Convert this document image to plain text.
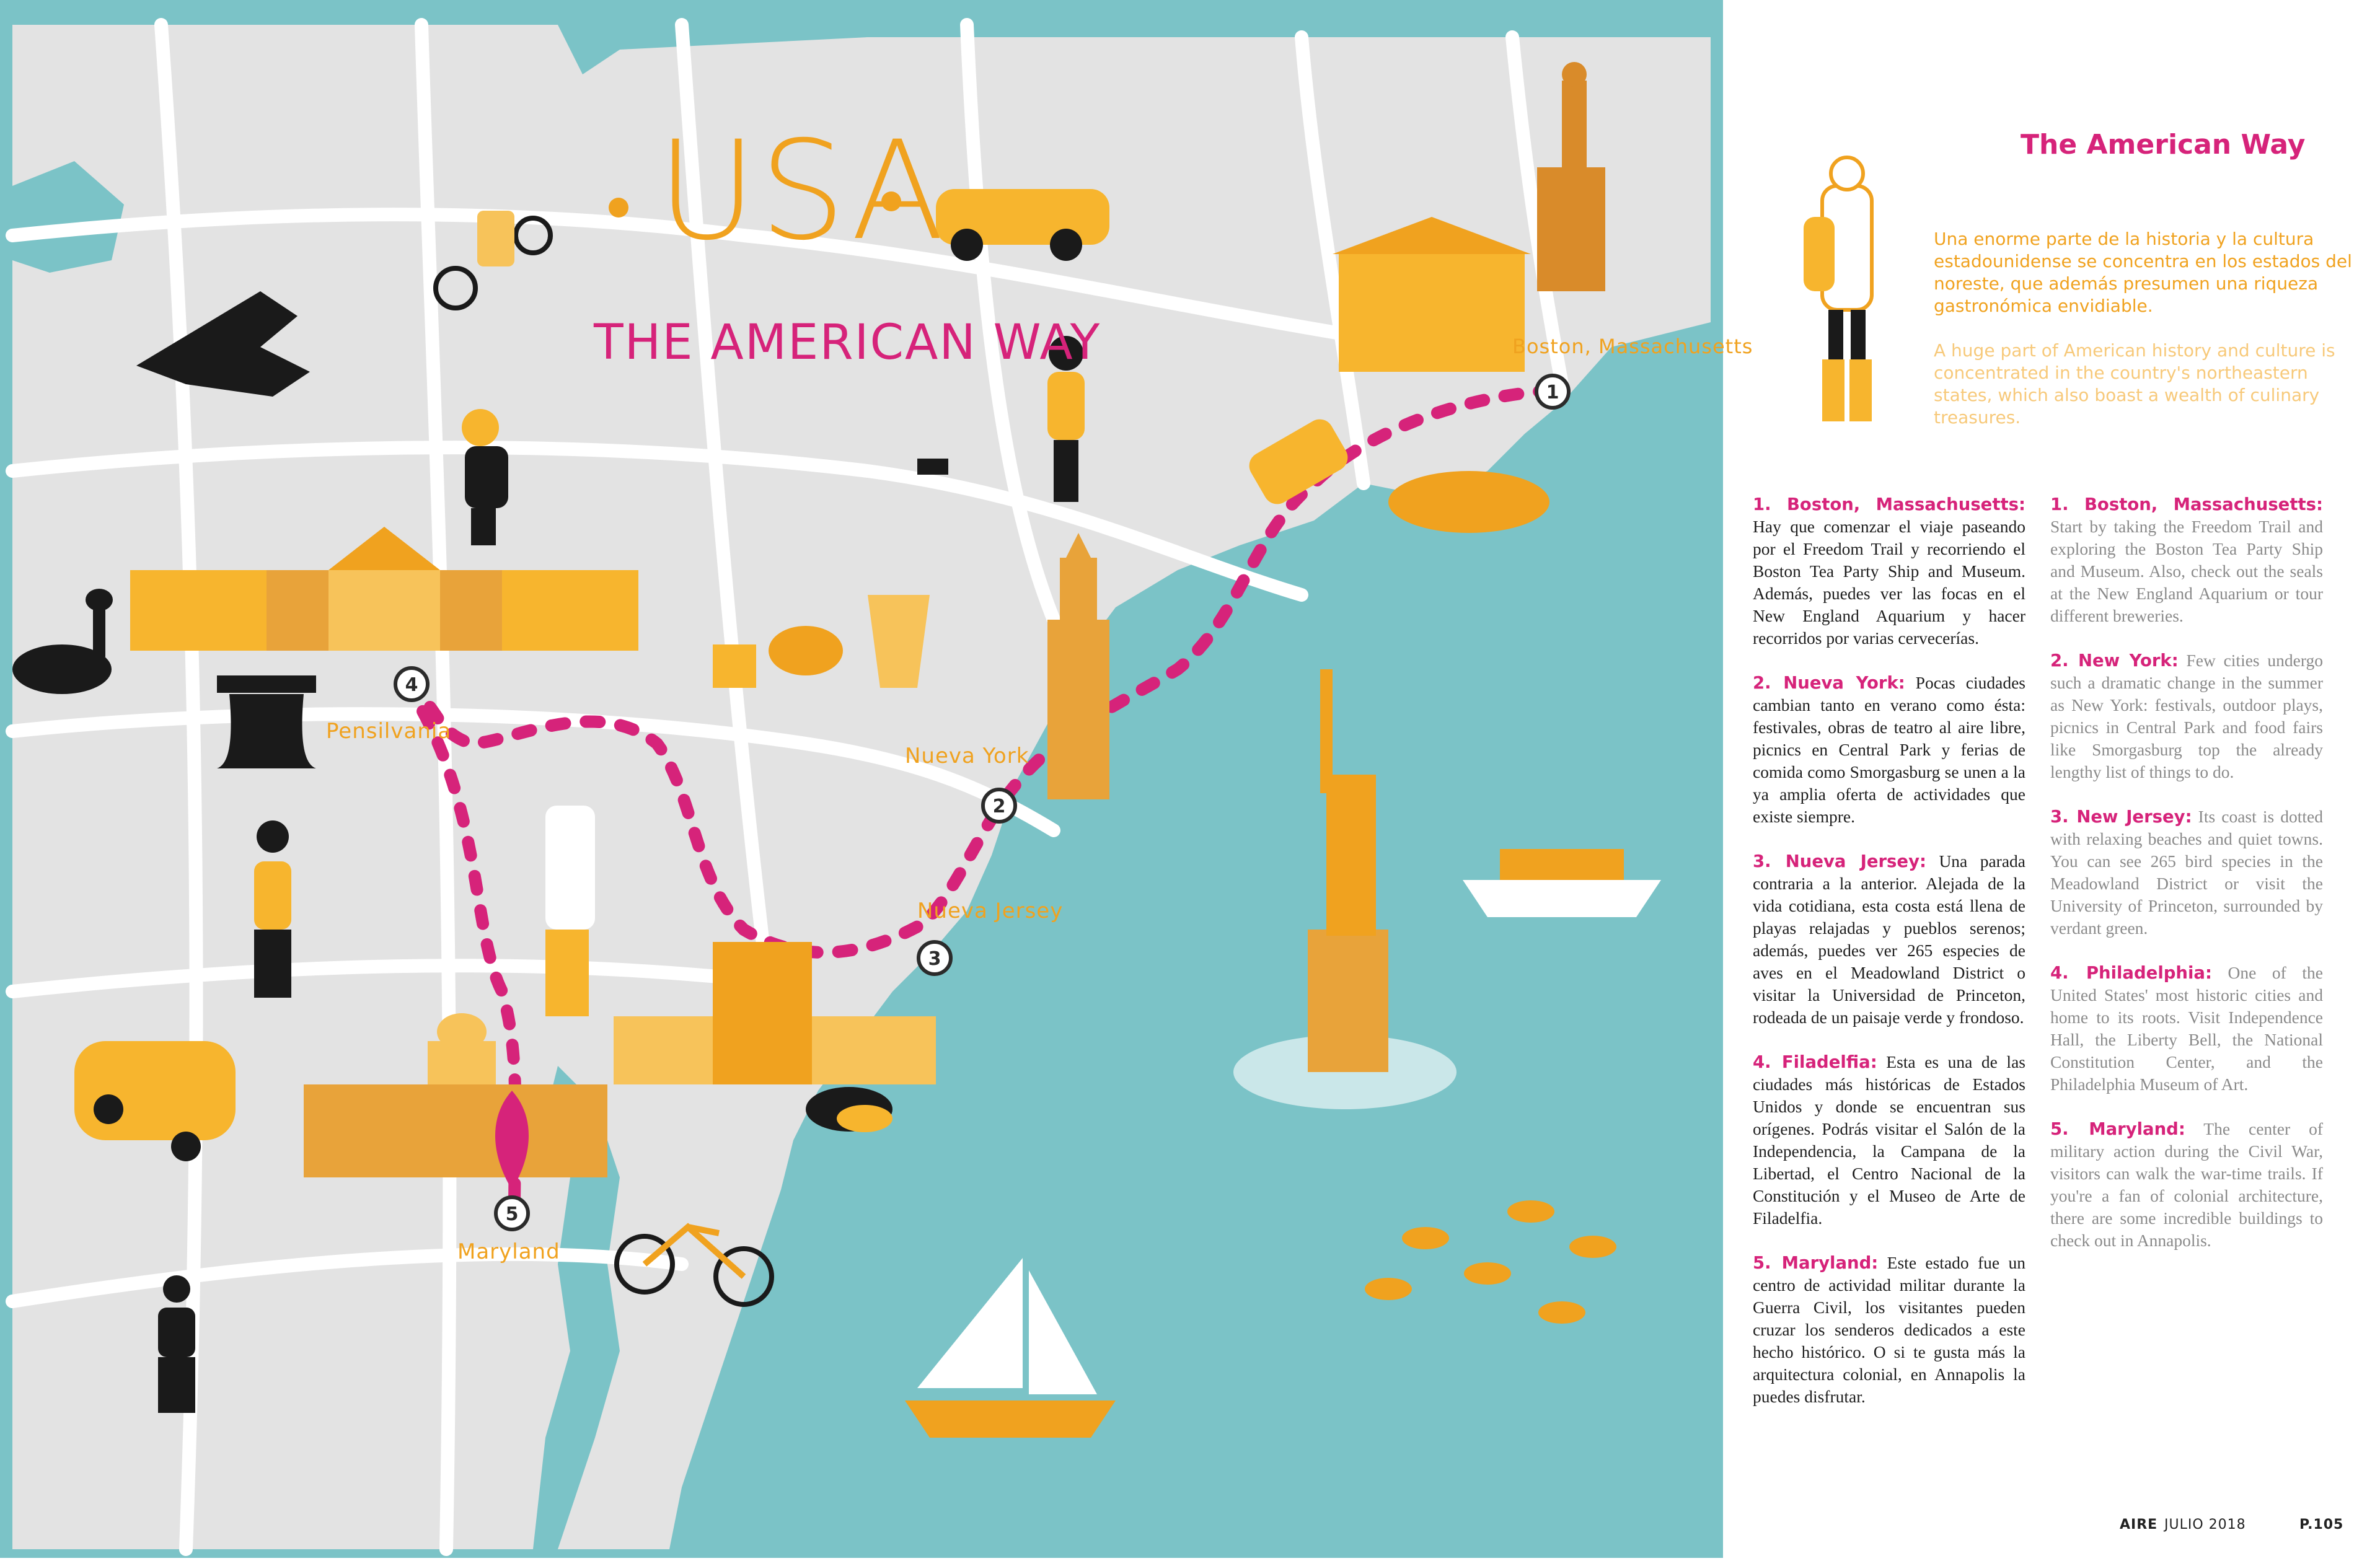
1
2
3
4
5
USA
THE AMERICAN WAY	Boston, Massachusetts
Nueva York
Nueva Jersey
Pensilvania
Maryland
The American Way
Una enorme parte de la historia y la cultura estadounidense se concentra en los estados del noreste, que además presumen una riqueza gastronómica envidiable.
A huge part of American history and culture is concentrated in the country's northeastern states, which also boast a wealth of culinary treasures.

1. Boston, Massachusetts: Hay que comenzar el viaje paseando por el Freedom Trail y recorriendo el Boston Tea Party Ship and Museum. Además, puedes ver las focas en el New England Aquarium y hacer recorridos por varias cervecerías.

2. Nueva York: Pocas ciudades cambian tanto en verano como ésta: festivales, obras de teatro al aire libre, picnics en Central Park y ferias de comida como Smorgasburg se unen a la ya amplia oferta de actividades que existe siempre.

3. Nueva Jersey: Una parada contraria a la anterior. Alejada de la vida cotidiana, esta costa está llena de playas relajadas y pueblos serenos; además, puedes ver 265 especies de aves en el Meadowland District o visitar la Universidad de Princeton, rodeada de un paisaje verde y frondoso.

4. Filadelfia: Esta es una de las ciudades más históricas de Estados Unidos y donde se encuentran sus orígenes. Podrás visitar el Salón de la Independencia, la Campana de la Libertad, el Centro Nacional de la Constitución y el Museo de Arte de Filadelfia.

5. Maryland: Este estado fue un centro de actividad militar durante la Guerra Civil, los visitantes pueden cruzar los senderos dedicados a este hecho histórico. O si te gusta más la arquitectura colonial, en Annapolis la puedes disfrutar.

1. Boston, Massachusetts: Start by taking the Freedom Trail and exploring the Boston Tea Party Ship and Museum. Also, check out the seals at the New England Aquarium or tour different breweries.

2. New York: Few cities undergo such a dramatic change in the summer as New York: festivals, outdoor plays, picnics in Central Park and food fairs like Smorgasburg top the already lengthy list of things to do.

3. New Jersey: Its coast is dotted with relaxing beaches and quiet towns. You can see 265 bird species in the Meadowland District or visit the University of Princeton, surrounded by verdant green.

4. Philadelphia: One of the United States' most historic cities and home to its roots. Visit Independence Hall, the Liberty Bell, the National Constitution Center, and the Philadelphia Museum of Art.

5. Maryland: The center of military action during the Civil War, visitors can walk the war-time trails. If you're a fan of colonial architecture, there are some incredible buildings to check out in Annapolis.

AIRE JULIO 2018	P.105
